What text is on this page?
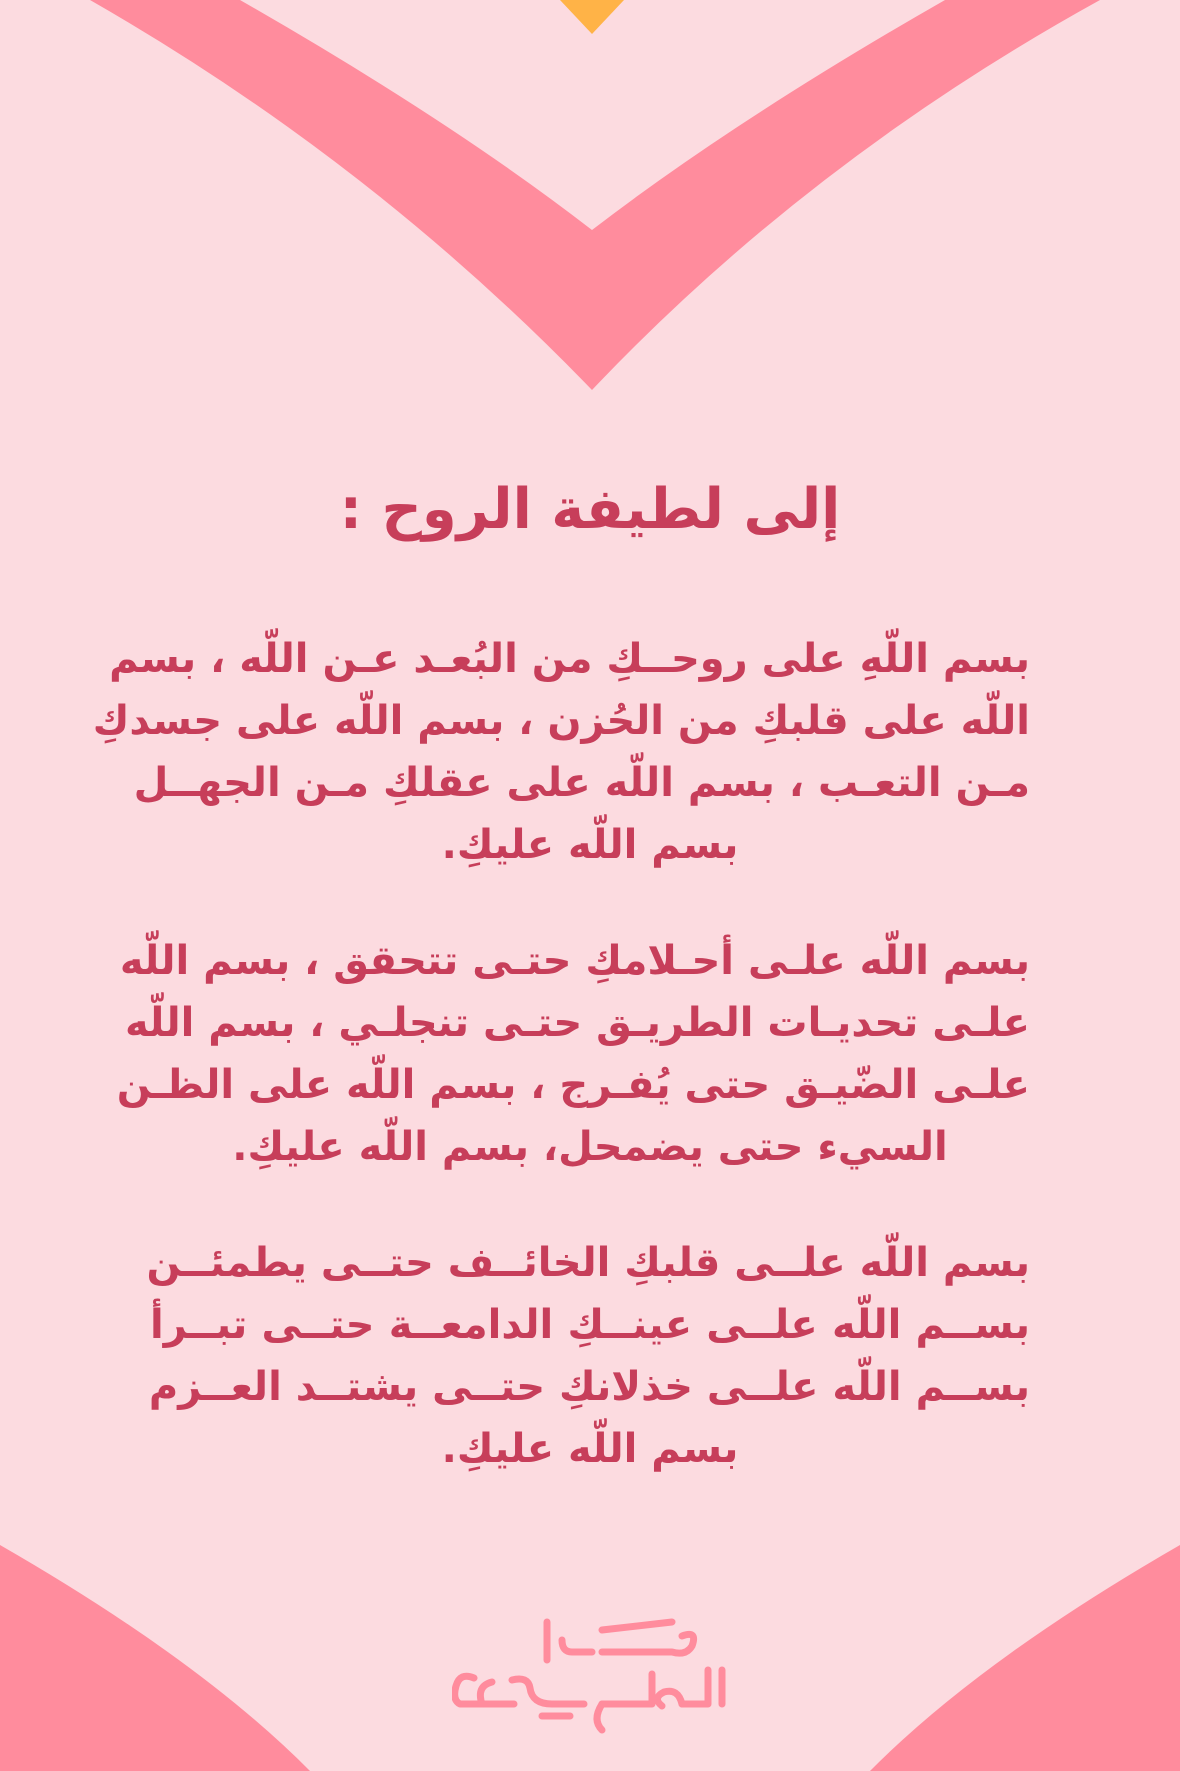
إلى لطيفة الروح :
بسم اللّهِ على روحــكِ من البُعـد عـن اللّه ، بسم
اللّه على قلبكِ من الحُزن ، بسم اللّه على جسدكِ
مـن التعـب ، بسم اللّه على عقلكِ مـن الجهــل
بسم اللّه عليكِ.
بسم اللّه علـى أحـلامكِ حتـى تتحقق ، بسم اللّه
علـى تحديـات الطريـق حتـى تنجلـي ، بسم اللّه
علـى الضّيـق حتى يُفـرج ، بسم اللّه على الظـن
السيء حتى يضمحل، بسم اللّه عليكِ.
بسم اللّه علــى قلبكِ الخائــف حتــى يطمئــن
بســم اللّه علــى عينــكِ الدامعــة حتــى تبــرأ
بســم اللّه علــى خذلانكِ حتــى يشتــد العــزم
بسم اللّه عليكِ.
